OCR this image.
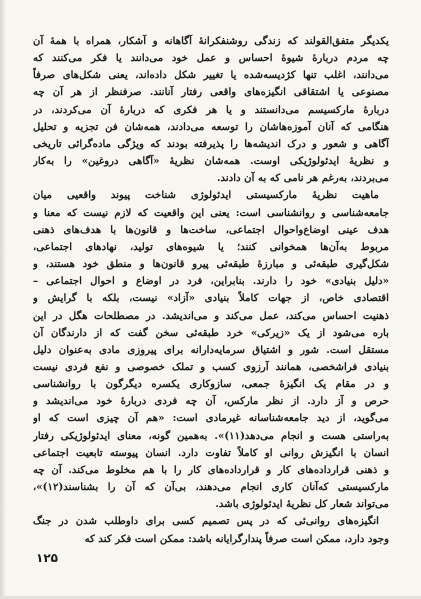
یکدیگر متفق‌القولند که زندگی روشنفکرانهٔ آگاهانه و آشکار، همراه با همهٔ آن
چه مردم دربارهٔ شیوهٔ احساس و عمل خود می‌دانند یا فکر می‌کنند که
می‌دانند، اغلب تنها کژدیسه‌شده یا تغییر شکل داده‌اند، یعنی شکل‌های صرفاً
مصنوعی یا اشتقاقی انگیزه‌های واقعی رفتار آنانند. صرفنظر از هر آن چه
دربارهٔ مارکسیسم می‌دانستند و یا هر فکری که دربارهٔ آن می‌کردند، در
هنگامی که آنان آموزه‌هاشان را توسعه می‌دادند، همه‌شان فن تجزیه و تحلیل
آگاهی و شعور و درک اندیشه‌ها را پذیرفته بودند که ویژگی ماده‌گرائی تاریخی
و نظریهٔ ایدئولوژیکی اوست. همه‌شان نظریهٔ «آگاهی دروغین» را به‌کار
می‌بردند، به‌رغم هر نامی که به آن دادند.
ماهیت نظریهٔ مارکسیستی ایدئولوژی شناخت پیوند واقعیی میان
جامعه‌شناسی و روانشناسی است: یعنی این واقعیت که لازم نیست که معنا و
هدف عینی اوضاع‌واحوال اجتماعی، ساخت‌ها و قانون‌ها با هدف‌های ذهنی
مربوط به‌آن‌ها همخوانی کنند؛ یا شیوه‌های تولید، نهادهای اجتماعی،
شکل‌گیری طبقه‌ئی و مبارزهٔ طبقه‌ئی پیرو قانون‌ها و منطق خود هستند، و
«دلیل بنیادی» خود را دارند. بنابراین، فرد در اوضاع و احوال اجتماعی –
اقتصادی خاص، از جهات کاملاً بنیادی «آزاد» نیست، بلکه با گرایش و
ذهنیت احساس می‌کند، عمل می‌کند و می‌اندیشد. در مصطلحات هگل در این
باره می‌شود از یک «زیرکی» خرد طبقه‌ئی سخن گفت که از دارندگان آن
مستقل است. شور و اشتیاق سرمایه‌دارانه برای پیروزی مادی به‌عنوان دلیل
بنیادی فراشخصی، همانند آرزوی کسب و تملک خصوصی و نفع فردی نیست
و در مقام یک انگیزهٔ جمعی، سازوکاری یکسره دیگرگون با روانشناسی
حرص و آز دارد. از نظر مارکس، آن چه فردی دربارهٔ خود می‌اندیشد و
می‌گوید، از دید جامعه‌شناسانه غیرمادی است: «هم آن چیزی است که او
به‌راستی هست و انجام می‌دهد(۱۱)». به‌همین گونه، معنای ایدئولوژیکی رفتار
انسان با انگیزش روانی او کاملاً تفاوت دارد. انسان پیوسته تابعیت اجتماعی
و ذهنی قرارداده‌های کار و قرارداده‌های کار را با هم مخلوط می‌کند. آن چه
مارکسیستی که‌آنان کاری انجام می‌دهند، بی‌آن که آن را بشناسند(۱۲)»،
می‌تواند شعار کل نظریهٔ ایدئولوژی باشد.
انگیزه‌های روانی‌ئی که در پس تصمیم کسی برای داوطلب شدن در جنگ
وجود دارد، ممکن است صرفاً پندارگرایانه باشد: ممکن است فکر کند که
۱۲۵
